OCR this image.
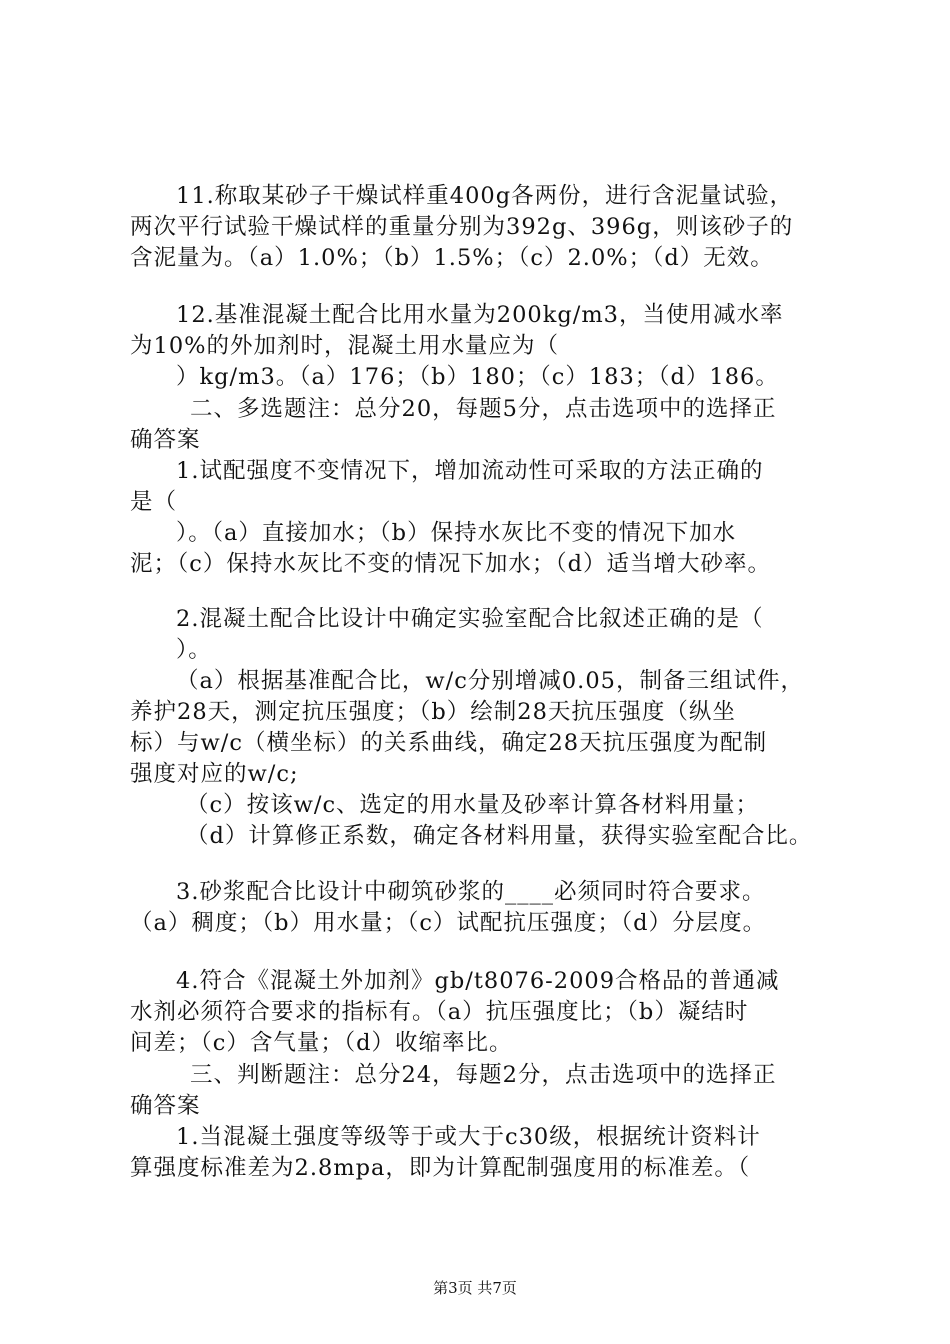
11.称取某砂子干燥试样重400g各两份，进行含泥量试验，
两次平行试验干燥试样的重量分别为392g、396g，则该砂子的
含泥量为。（a）1.0%；（b）1.5%；（c）2.0%；（d）无效。
12.基准混凝土配合比用水量为200kg/m3，当使用减水率
为10%的外加剂时，混凝土用水量应为（
）kg/m3。（a）176；（b）180；（c）183；（d）186。
二、多选题注：总分20，每题5分，点击选项中的选择正
确答案
1.试配强度不变情况下，增加流动性可采取的方法正确的
是（
）。（a）直接加水；（b）保持水灰比不变的情况下加水
泥；（c）保持水灰比不变的情况下加水；（d）适当增大砂率。
2.混凝土配合比设计中确定实验室配合比叙述正确的是（
）。
（a）根据基准配合比，w/c分别增减0.05，制备三组试件，
养护28天，测定抗压强度；（b）绘制28天抗压强度（纵坐
标）与w/c（横坐标）的关系曲线，确定28天抗压强度为配制
强度对应的w/c;
（c）按该w/c、选定的用水量及砂率计算各材料用量；
（d）计算修正系数，确定各材料用量，获得实验室配合比。
3.砂浆配合比设计中砌筑砂浆的____必须同时符合要求。
（a）稠度；（b）用水量；（c）试配抗压强度；（d）分层度。
4.符合《混凝土外加剂》gb/t8076-2009合格品的普通减
水剂必须符合要求的指标有。（a）抗压强度比；（b）凝结时
间差；（c）含气量；（d）收缩率比。
三、判断题注：总分24，每题2分，点击选项中的选择正
确答案
1.当混凝土强度等级等于或大于c30级，根据统计资料计
算强度标准差为2.8mpa，即为计算配制强度用的标准差。（
第3页 共7页
